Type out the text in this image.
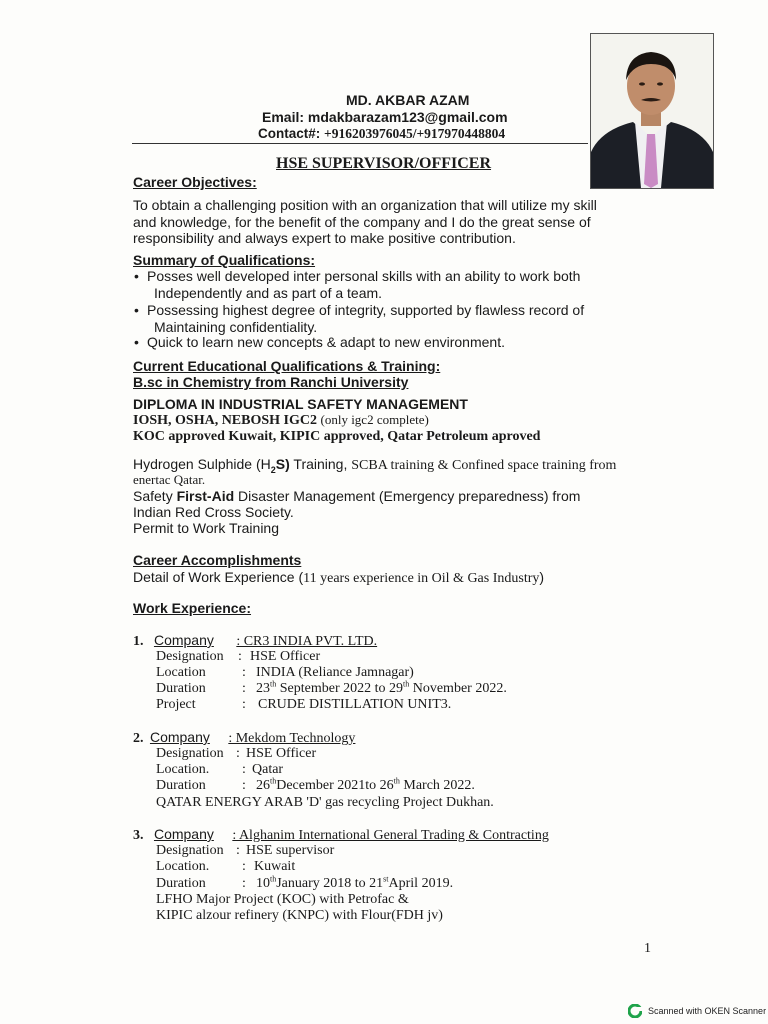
MD. AKBAR AZAM
Email: mdakbarazam123@gmail.com
Contact#: +916203976045/+917970448804
HSE SUPERVISOR/OFFICER
Career Objectives:
To obtain a challenging position with an organization that will utilize my skill
and knowledge, for the benefit of the company and I do the great sense of
responsibility and always expert to make positive contribution.
Summary of Qualifications:
• Posses well developed inter personal skills with an ability to work both
Independently and as part of a team.
• Possessing highest degree of integrity, supported by flawless record of
Maintaining confidentiality.
• Quick to learn new concepts & adapt to new environment.
Current Educational Qualifications & Training:
B.sc in Chemistry from Ranchi University
DIPLOMA IN INDUSTRIAL SAFETY MANAGEMENT
IOSH, OSHA, NEBOSH IGC2 (only igc2 complete)
KOC approved Kuwait, KIPIC approved, Qatar Petroleum aproved
Hydrogen Sulphide $(H_2S)$ Training, SCBA training & Confined space training from
enertac Qatar.
Safety First-Aid Disaster Management (Emergency preparedness) from
Indian Red Cross Society.
Permit to Work Training
Career Accomplishments
Detail of Work Experience (11 years experience in Oil & Gas Industry)
Work Experience:
1. Company : CR3 INDIA PVT. LTD.
Designation : HSE Officer
Location	: INDIA (Reliance Jamnagar)
Duration	: 23th September 2022 to 29th November 2022.
Project	: CRUDE DISTILLATION UNIT3.
2. Company : Mekdom Technology
Designation : HSE Officer
Location. : Qatar
Duration	: 26thDecember 2021to 26th March 2022.
QATAR ENERGY ARAB 'D' gas recycling Project Dukhan.
3. Company : Alghanim International General Trading & Contracting
Designation : HSE supervisor
Location. : Kuwait
Duration	: 10thJanuary 2018 to 21stApril 2019.
LFHO Major Project (KOC) with Petrofac &
KIPIC alzour refinery (KNPC) with Flour(FDH jv)
1
Scanned with OKEN Scanner
